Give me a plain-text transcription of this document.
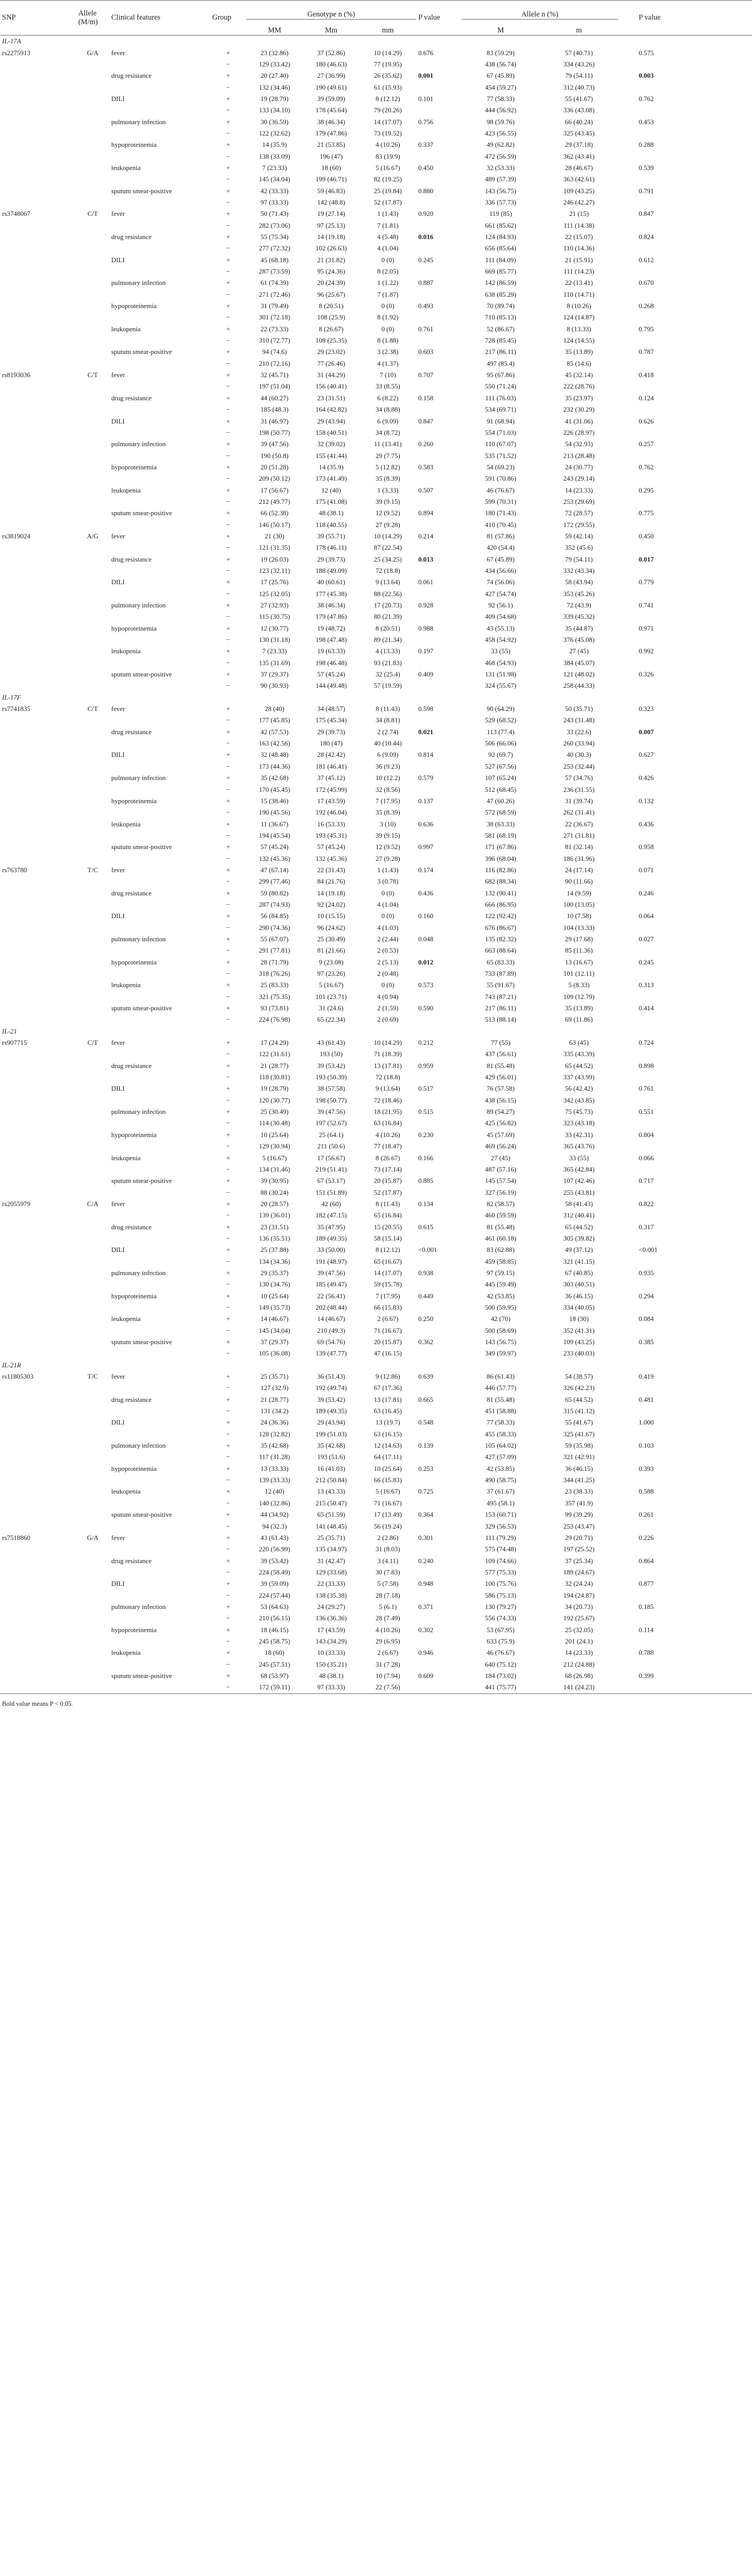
SNP	Allele
(M/m)	Clinical features	Group	Genotype n (%)			P value	Allele n (%)		P value
				MM	Mm	mm		M	m	
IL-17A										
rs2275913	G/A	fever	+	23 (32.86)	37 (52.86)	10 (14.29)	0.676	83 (59.29)	57 (40.71)	0.575
			−	129 (33.42)	180 (46.63)	77 (19.95)		438 (56.74)	334 (43.26)	
		drug resistance	+	20 (27.40)	27 (36.99)	26 (35.62)	0.001	67 (45.89)	79 (54.11)	0.003
			−	132 (34.46)	190 (49.61)	61 (15.93)		454 (59.27)	312 (40.73)	
		DILI	+	19 (28.79)	39 (59.09)	8 (12.12)	0.101	77 (58.33)	55 (41.67)	0.762
			−	133 (34.10)	178 (45.64)	79 (20.26)		444 (56.92)	336 (43.08)	
		pulmonary infection	+	30 (36.59)	38 (46.34)	14 (17.07)	0.756	98 (59.76)	66 (40.24)	0.453
			−	122 (32.62)	179 (47.86)	73 (19.52)		423 (56.55)	325 (43.45)	
		hypoproteinemia	+	14 (35.9)	21 (53.85)	4 (10.26)	0.337	49 (62.82)	29 (37.18)	0.288
			−	138 (33.09)	196 (47)	83 (19.9)		472 (56.59)	362 (43.41)	
		leukopenia	+	7 (23.33)	18 (60)	5 (16.67)	0.450	32 (53.33)	28 (46.67)	0.539
			−	145 (34.04)	199 (46.71)	82 (19.25)		489 (57.39)	363 (42.61)	
		sputum smear-positive	+	42 (33.33)	59 (46.83)	25 (19.84)	0.880	143 (56.75)	109 (43.25)	0.791
			−	97 (33.33)	142 (48.8)	52 (17.87)		336 (57.73)	246 (42.27)	
rs3748067	C/T	fever	+	50 (71.43)	19 (27.14)	1 (1.43)	0.920	119 (85)	21 (15)	0.847
			−	282 (73.06)	97 (25.13)	7 (1.81)		661 (85.62)	111 (14.38)	
		drug resistance	+	55 (75.34)	14 (19.18)	4 (5.48)	0.016	124 (84.93)	22 (15.07)	0.824
			−	277 (72.32)	102 (26.63)	4 (1.04)		656 (85.64)	110 (14.36)	
		DILI	+	45 (68.18)	21 (31.82)	0 (0)	0.245	111 (84.09)	21 (15.91)	0.612
			−	287 (73.59)	95 (24.36)	8 (2.05)		669 (85.77)	111 (14.23)	
		pulmonary infection	+	61 (74.39)	20 (24.39)	1 (1.22)	0.887	142 (86.59)	22 (13.41)	0.670
			−	271 (72.46)	96 (25.67)	7 (1.87)		638 (85.29)	110 (14.71)	
		hypoproteinemia	+	31 (79.49)	8 (20.51)	0 (0)	0.493	70 (89.74)	8 (10.26)	0.268
			−	301 (72.18)	108 (25.9)	8 (1.92)		710 (85.13)	124 (14.87)	
		leukopenia	+	22 (73.33)	8 (26.67)	0 (0)	0.761	52 (86.67)	8 (13.33)	0.795
			−	310 (72.77)	108 (25.35)	8 (1.88)		728 (85.45)	124 (14.55)	
		sputum smear-positive	+	94 (74.6)	29 (23.02)	3 (2.38)	0.603	217 (86.11)	35 (13.89)	0.787
			−	210 (72.16)	77 (26.46)	4 (1.37)		497 (85.4)	85 (14.6)	
rs8193036	C/T	fever	+	32 (45.71)	31 (44.29)	7 (10)	0.707	95 (67.86)	45 (32.14)	0.418
			−	197 (51.04)	156 (40.41)	33 (8.55)		550 (71.24)	222 (28.76)	
		drug resistance	+	44 (60.27)	23 (31.51)	6 (8.22)	0.158	111 (76.03)	35 (23.97)	0.124
			−	185 (48.3)	164 (42.82)	34 (8.88)		534 (69.71)	232 (30.29)	
		DILI	+	31 (46.97)	29 (43.94)	6 (9.09)	0.847	91 (68.94)	41 (31.06)	0.626
			−	198 (50.77)	158 (40.51)	34 (8.72)		554 (71.03)	226 (28.97)	
		pulmonary infection	+	39 (47.56)	32 (39.02)	11 (13.41)	0.260	110 (67.07)	54 (32.93)	0.257
			−	190 (50.8)	155 (41.44)	29 (7.75)		535 (71.52)	213 (28.48)	
		hypoproteinemia	+	20 (51.28)	14 (35.9)	5 (12.82)	0.583	54 (69.23)	24 (30.77)	0.762
			−	209 (50.12)	173 (41.49)	35 (8.39)		591 (70.86)	243 (29.14)	
		leukopenia	+	17 (56.67)	12 (40)	1 (3.33)	0.507	46 (76.67)	14 (23.33)	0.295
			−	212 (49.77)	175 (41.08)	39 (9.15)		599 (70.31)	253 (29.69)	
		sputum smear-positive	+	66 (52.38)	48 (38.1)	12 (9.52)	0.894	180 (71.43)	72 (28.57)	0.775
			−	146 (50.17)	118 (40.55)	27 (9.28)		410 (70.45)	172 (29.55)	
rs3819024	A/G	fever	+	21 (30)	39 (55.71)	10 (14.29)	0.214	81 (57.86)	59 (42.14)	0.450
			−	121 (31.35)	178 (46.11)	87 (22.54)		420 (54.4)	352 (45.6)	
		drug resistance	+	19 (26.03)	29 (39.73)	25 (34.25)	0.013	67 (45.89)	79 (54.11)	0.017
			−	123 (32.11)	188 (49.09)	72 (18.8)		434 (56.66)	332 (43.34)	
		DILI	+	17 (25.76)	40 (60.61)	9 (13.64)	0.061	74 (56.06)	58 (43.94)	0.779
			−	125 (32.05)	177 (45.38)	88 (22.56)		427 (54.74)	353 (45.26)	
		pulmonary infection	+	27 (32.93)	38 (46.34)	17 (20.73)	0.928	92 (56.1)	72 (43.9)	0.741
			−	115 (30.75)	179 (47.86)	80 (21.39)		409 (54.68)	339 (45.32)	
		hypoproteinemia	+	12 (30.77)	19 (48.72)	8 (20.51)	0.988	43 (55.13)	35 (44.87)	0.971
			−	130 (31.18)	198 (47.48)	89 (21.34)		458 (54.92)	376 (45.08)	
		leukopenia	+	7 (23.33)	19 (63.33)	4 (13.33)	0.197	33 (55)	27 (45)	0.992
			−	135 (31.69)	198 (46.48)	93 (21.83)		468 (54.93)	384 (45.07)	
		sputum smear-positive	+	37 (29.37)	57 (45.24)	32 (25.4)	0.409	131 (51.98)	121 (48.02)	0.326
			−	90 (30.93)	144 (49.48)	57 (19.59)		324 (55.67)	258 (44.33)	
IL-17F										
rs7741835	C/T	fever	+	28 (40)	34 (48.57)	8 (11.43)	0.598	90 (64.29)	50 (35.71)	0.323
			−	177 (45.85)	175 (45.34)	34 (8.81)		529 (68.52)	243 (31.48)	
		drug resistance	+	42 (57.53)	29 (39.73)	2 (2.74)	0.021	113 (77.4)	33 (22.6)	0.007
			−	163 (42.56)	180 (47)	40 (10.44)		506 (66.06)	260 (33.94)	
		DILI	+	32 (48.48)	28 (42.42)	6 (9.09)	0.814	92 (69.7)	40 (30.3)	0.627
			−	173 (44.36)	181 (46.41)	36 (9.23)		527 (67.56)	253 (32.44)	
		pulmonary infection	+	35 (42.68)	37 (45.12)	10 (12.2)	0.579	107 (65.24)	57 (34.76)	0.426
			−	170 (45.45)	172 (45.99)	32 (8.56)		512 (68.45)	236 (31.55)	
		hypoproteinemia	+	15 (38.46)	17 (43.59)	7 (17.95)	0.137	47 (60.26)	31 (39.74)	0.132
			−	190 (45.56)	192 (46.04)	35 (8.39)		572 (68.59)	262 (31.41)	
		leukopenia	+	11 (36.67)	16 (53.33)	3 (10)	0.636	38 (63.33)	22 (36.67)	0.436
			−	194 (45.54)	193 (45.31)	39 (9.15)		581 (68.19)	271 (31.81)	
		sputum smear-positive	+	57 (45.24)	57 (45.24)	12 (9.52)	0.997	171 (67.86)	81 (32.14)	0.958
			−	132 (45.36)	132 (45.36)	27 (9.28)		396 (68.04)	186 (31.96)	
rs763780	T/C	fever	+	47 (67.14)	22 (31.43)	1 (1.43)	0.174	116 (82.86)	24 (17.14)	0.071
			−	299 (77.46)	84 (21.76)	3 (0.78)		682 (88.34)	90 (11.66)	
		drug resistance	+	59 (80.82)	14 (19.18)	0 (0)	0.436	132 (90.41)	14 (9.59)	0.246
			−	287 (74.93)	92 (24.02)	4 (1.04)		666 (86.95)	100 (13.05)	
		DILI	+	56 (84.85)	10 (15.15)	0 (0)	0.160	122 (92.42)	10 (7.58)	0.064
			−	290 (74.36)	96 (24.62)	4 (1.03)		676 (86.67)	104 (13.33)	
		pulmonary infection	+	55 (67.07)	25 (30.49)	2 (2.44)	0.048	135 (82.32)	29 (17.68)	0.027
			−	291 (77.81)	81 (21.66)	2 (0.53)		663 (88.64)	85 (11.36)	
		hypoproteinemia	+	28 (71.79)	9 (23.08)	2 (5.13)	0.012	65 (83.33)	13 (16.67)	0.245
			−	318 (76.26)	97 (23.26)	2 (0.48)		733 (87.89)	101 (12.11)	
		leukopenia	+	25 (83.33)	5 (16.67)	0 (0)	0.573	55 (91.67)	5 (8.33)	0.313
			−	321 (75.35)	101 (23.71)	4 (0.94)		743 (87.21)	109 (12.79)	
		sputum smear-positive	+	93 (73.81)	31 (24.6)	2 (1.59)	0.590	217 (86.11)	35 (13.89)	0.414
			−	224 (76.98)	65 (22.34)	2 (0.69)		513 (88.14)	69 (11.86)	
IL-21										
rs907715	C/T	fever	+	17 (24.29)	43 (61.43)	10 (14.29)	0.212	77 (55)	63 (45)	0.724
			−	122 (31.61)	193 (50)	71 (18.39)		437 (56.61)	335 (43.39)	
		drug resistance	+	21 (28.77)	39 (53.42)	13 (17.81)	0.959	81 (55.48)	65 (44.52)	0.898
			−	118 (30.81)	193 (50.39)	72 (18.8)		429 (56.01)	337 (43.99)	
		DILI	+	19 (28.79)	38 (57.58)	9 (13.64)	0.517	76 (57.58)	56 (42.42)	0.761
			−	120 (30.77)	198 (50.77)	72 (18.46)		438 (56.15)	342 (43.85)	
		pulmonary infection	+	25 (30.49)	39 (47.56)	18 (21.95)	0.515	89 (54.27)	75 (45.73)	0.551
			−	114 (30.48)	197 (52.67)	63 (16.84)		425 (56.82)	323 (43.18)	
		hypoproteinemia	+	10 (25.64)	25 (64.1)	4 (10.26)	0.230	45 (57.69)	33 (42.31)	0.804
			−	129 (30.94)	211 (50.6)	77 (18.47)		469 (56.24)	365 (43.76)	
		leukopenia	+	5 (16.67)	17 (56.67)	8 (26.67)	0.166	27 (45)	33 (55)	0.066
			−	134 (31.46)	219 (51.41)	73 (17.14)		487 (57.16)	365 (42.84)	
		sputum smear-positive	+	39 (30.95)	67 (53.17)	20 (15.87)	0.885	145 (57.54)	107 (42.46)	0.717
			−	88 (30.24)	151 (51.89)	52 (17.87)		327 (56.19)	255 (43.81)	
rs2055979	C/A	fever	+	20 (28.57)	42 (60)	8 (11.43)	0.134	82 (58.57)	58 (41.43)	0.822
			−	139 (36.01)	182 (47.15)	65 (16.84)		460 (59.59)	312 (40.41)	
		drug resistance	+	23 (31.51)	35 (47.95)	15 (20.55)	0.615	81 (55.48)	65 (44.52)	0.317
			−	136 (35.51)	189 (49.35)	58 (15.14)		461 (60.18)	305 (39.82)	
		DILI	+	25 (37.88)	33 (50.00)	8 (12.12)	<0.001	83 (62.88)	49 (37.12)	<0.001
			−	134 (34.36)	191 (48.97)	65 (16.67)		459 (58.85)	321 (41.15)	
		pulmonary infection	+	29 (35.37)	39 (47.56)	14 (17.07)	0.938	97 (59.15)	67 (40.85)	0.935
			−	130 (34.76)	185 (49.47)	59 (15.78)		445 (59.49)	303 (40.51)	
		hypoproteinemia	+	10 (25.64)	22 (56.41)	7 (17.95)	0.449	42 (53.85)	36 (46.15)	0.294
			−	149 (35.73)	202 (48.44)	66 (15.83)		500 (59.95)	334 (40.05)	
		leukopenia	+	14 (46.67)	14 (46.67)	2 (6.67)	0.250	42 (70)	18 (30)	0.084
			−	145 (34.04)	210 (49.3)	71 (16.67)		500 (58.69)	352 (41.31)	
		sputum smear-positive	+	37 (29.37)	69 (54.76)	20 (15.87)	0.362	143 (56.75)	109 (43.25)	0.385
			−	105 (36.08)	139 (47.77)	47 (16.15)		349 (59.97)	233 (40.03)	
IL-21R										
rs11805303	T/C	fever	+	25 (35.71)	36 (51.43)	9 (12.86)	0.639	86 (61.43)	54 (38.57)	0.419
			−	127 (32.9)	192 (49.74)	67 (17.36)		446 (57.77)	326 (42.23)	
		drug resistance	+	21 (28.77)	39 (53.42)	13 (17.81)	0.665	81 (55.48)	65 (44.52)	0.481
			−	131 (34.2)	189 (49.35)	63 (16.45)		451 (58.88)	315 (41.12)	
		DILI	+	24 (36.36)	29 (43.94)	13 (19.7)	0.548	77 (58.33)	55 (41.67)	1.000
			−	128 (32.82)	199 (51.03)	63 (16.15)		455 (58.33)	325 (41.67)	
		pulmonary infection	+	35 (42.68)	35 (42.68)	12 (14.63)	0.139	105 (64.02)	59 (35.98)	0.103
			−	117 (31.28)	193 (51.6)	64 (17.11)		427 (57.09)	321 (42.91)	
		hypoproteinemia	+	13 (33.33)	16 (41.03)	10 (25.64)	0.253	42 (53.85)	36 (46.15)	0.393
			−	139 (33.33)	212 (50.84)	66 (15.83)		490 (58.75)	344 (41.25)	
		leukopenia	+	12 (40)	13 (43.33)	5 (16.67)	0.725	37 (61.67)	23 (38.33)	0.588
			−	140 (32.86)	215 (50.47)	71 (16.67)		495 (58.1)	357 (41.9)	
		sputum smear-positive	+	44 (34.92)	65 (51.59)	17 (13.49)	0.364	153 (60.71)	99 (39.29)	0.261
			−	94 (32.3)	141 (48.45)	56 (19.24)		329 (56.53)	253 (43.47)	
rs7518860	G/A	fever	+	43 (61.43)	25 (35.71)	2 (2.86)	0.301	111 (79.29)	29 (20.71)	0.226
			−	220 (56.99)	135 (34.97)	31 (8.03)		575 (74.48)	197 (25.52)	
		drug resistance	+	39 (53.42)	31 (42.47)	3 (4.11)	0.240	109 (74.66)	37 (25.34)	0.864
			−	224 (58.49)	129 (33.68)	30 (7.83)		577 (75.33)	189 (24.67)	
		DILI	+	39 (59.09)	22 (33.33)	5 (7.58)	0.948	100 (75.76)	32 (24.24)	0.877
			−	224 (57.44)	138 (35.38)	28 (7.18)		586 (75.13)	194 (24.87)	
		pulmonary infection	+	53 (64.63)	24 (29.27)	5 (6.1)	0.371	130 (79.27)	34 (20.73)	0.185
			−	210 (56.15)	136 (36.36)	28 (7.49)		556 (74.33)	192 (25.67)	
		hypoproteinemia	+	18 (46.15)	17 (43.59)	4 (10.26)	0.302	53 (67.95)	25 (32.05)	0.114
			−	245 (58.75)	143 (34.29)	29 (6.95)		633 (75.9)	201 (24.1)	
		leukopenia	+	18 (60)	10 (33.33)	2 (6.67)	0.946	46 (76.67)	14 (23.33)	0.788
			−	245 (57.51)	150 (35.21)	31 (7.28)		640 (75.12)	212 (24.88)	
		sputum smear-positive	+	68 (53.97)	48 (38.1)	10 (7.94)	0.609	184 (73.02)	68 (26.98)	0.399
			−	172 (59.11)	97 (33.33)	22 (7.56)		441 (75.77)	141 (24.23)	
Bold value means P < 0.05.
